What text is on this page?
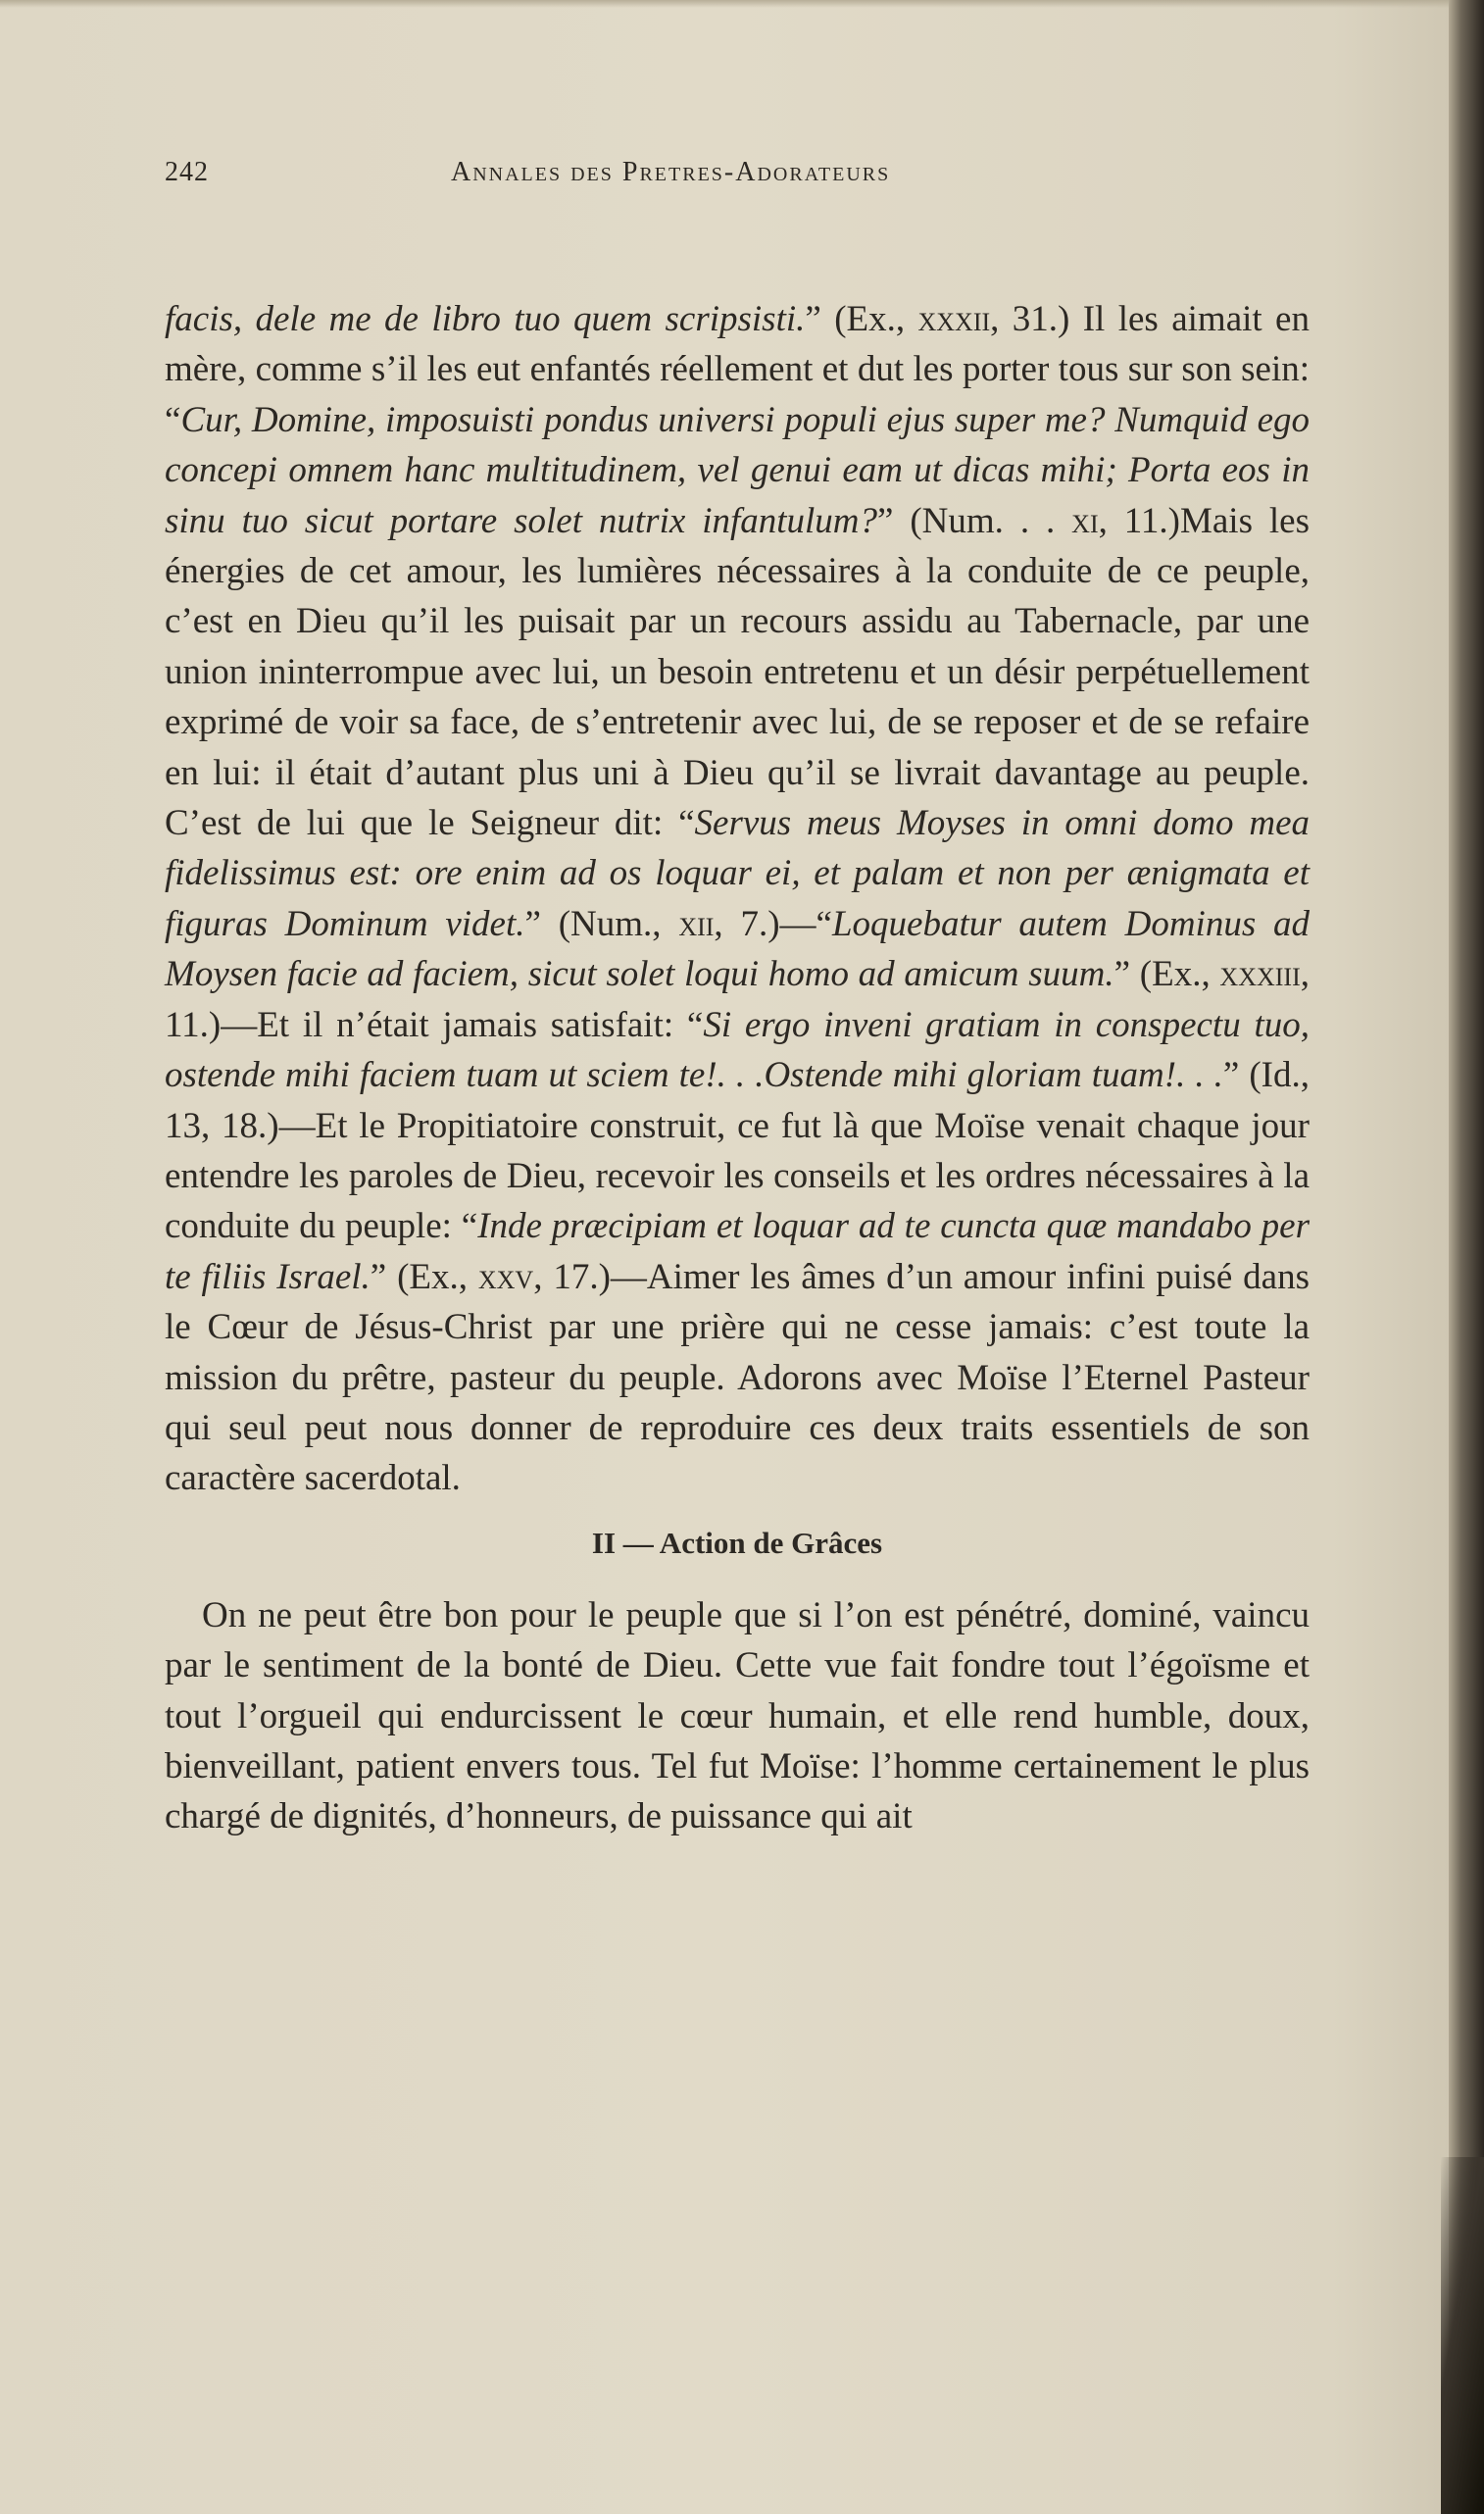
242	Annales des Pretres-Adorateurs

facis, dele me de libro tuo quem scripsisti.” (Ex., xxxii, 31.) Il les aimait en mère, comme s’il les eut enfantés réellement et dut les porter tous sur son sein: “Cur, Domine, imposuisti pondus universi populi ejus super me? Numquid ego concepi omnem hanc multitudinem, vel genui eam ut dicas mihi; Porta eos in sinu tuo sicut portare solet nutrix infantulum?” (Num. . . xi, 11.)Mais les énergies de cet amour, les lumières nécessaires à la conduite de ce peuple, c’est en Dieu qu’il les puisait par un recours assidu au Tabernacle, par une union ininterrompue avec lui, un besoin entretenu et un désir perpétuellement exprimé de voir sa face, de s’entretenir avec lui, de se reposer et de se refaire en lui: il était d’autant plus uni à Dieu qu’il se livrait davantage au peuple. C’est de lui que le Seigneur dit: “Servus meus Moyses in omni domo mea fidelissimus est: ore enim ad os loquar ei, et palam et non per ænigmata et figuras Dominum videt.” (Num., xii, 7.)—“Loquebatur autem Dominus ad Moysen facie ad faciem, sicut solet loqui homo ad amicum suum.” (Ex., xxxiii, 11.)—Et il n’était jamais satisfait: “Si ergo inveni gratiam in conspectu tuo, ostende mihi faciem tuam ut sciem te!. . .Ostende mihi gloriam tuam!. . .” (Id., 13, 18.)—Et le Propitiatoire construit, ce fut là que Moïse venait chaque jour entendre les paroles de Dieu, recevoir les conseils et les ordres nécessaires à la conduite du peuple: “Inde præcipiam et loquar ad te cuncta quæ mandabo per te filiis Israel.” (Ex., xxv, 17.)—Aimer les âmes d’un amour infini puisé dans le Cœur de Jésus-Christ par une prière qui ne cesse jamais: c’est toute la mission du prêtre, pasteur du peuple. Adorons avec Moïse l’Eternel Pasteur qui seul peut nous donner de reproduire ces deux traits essentiels de son caractère sacerdotal.

II — Action de Grâces

On ne peut être bon pour le peuple que si l’on est pénétré, dominé, vaincu par le sentiment de la bonté de Dieu. Cette vue fait fondre tout l’égoïsme et tout l’orgueil qui endurcissent le cœur humain, et elle rend humble, doux, bienveillant, patient envers tous. Tel fut Moïse: l’homme certainement le plus chargé de dignités, d’honneurs, de puissance qui ait
